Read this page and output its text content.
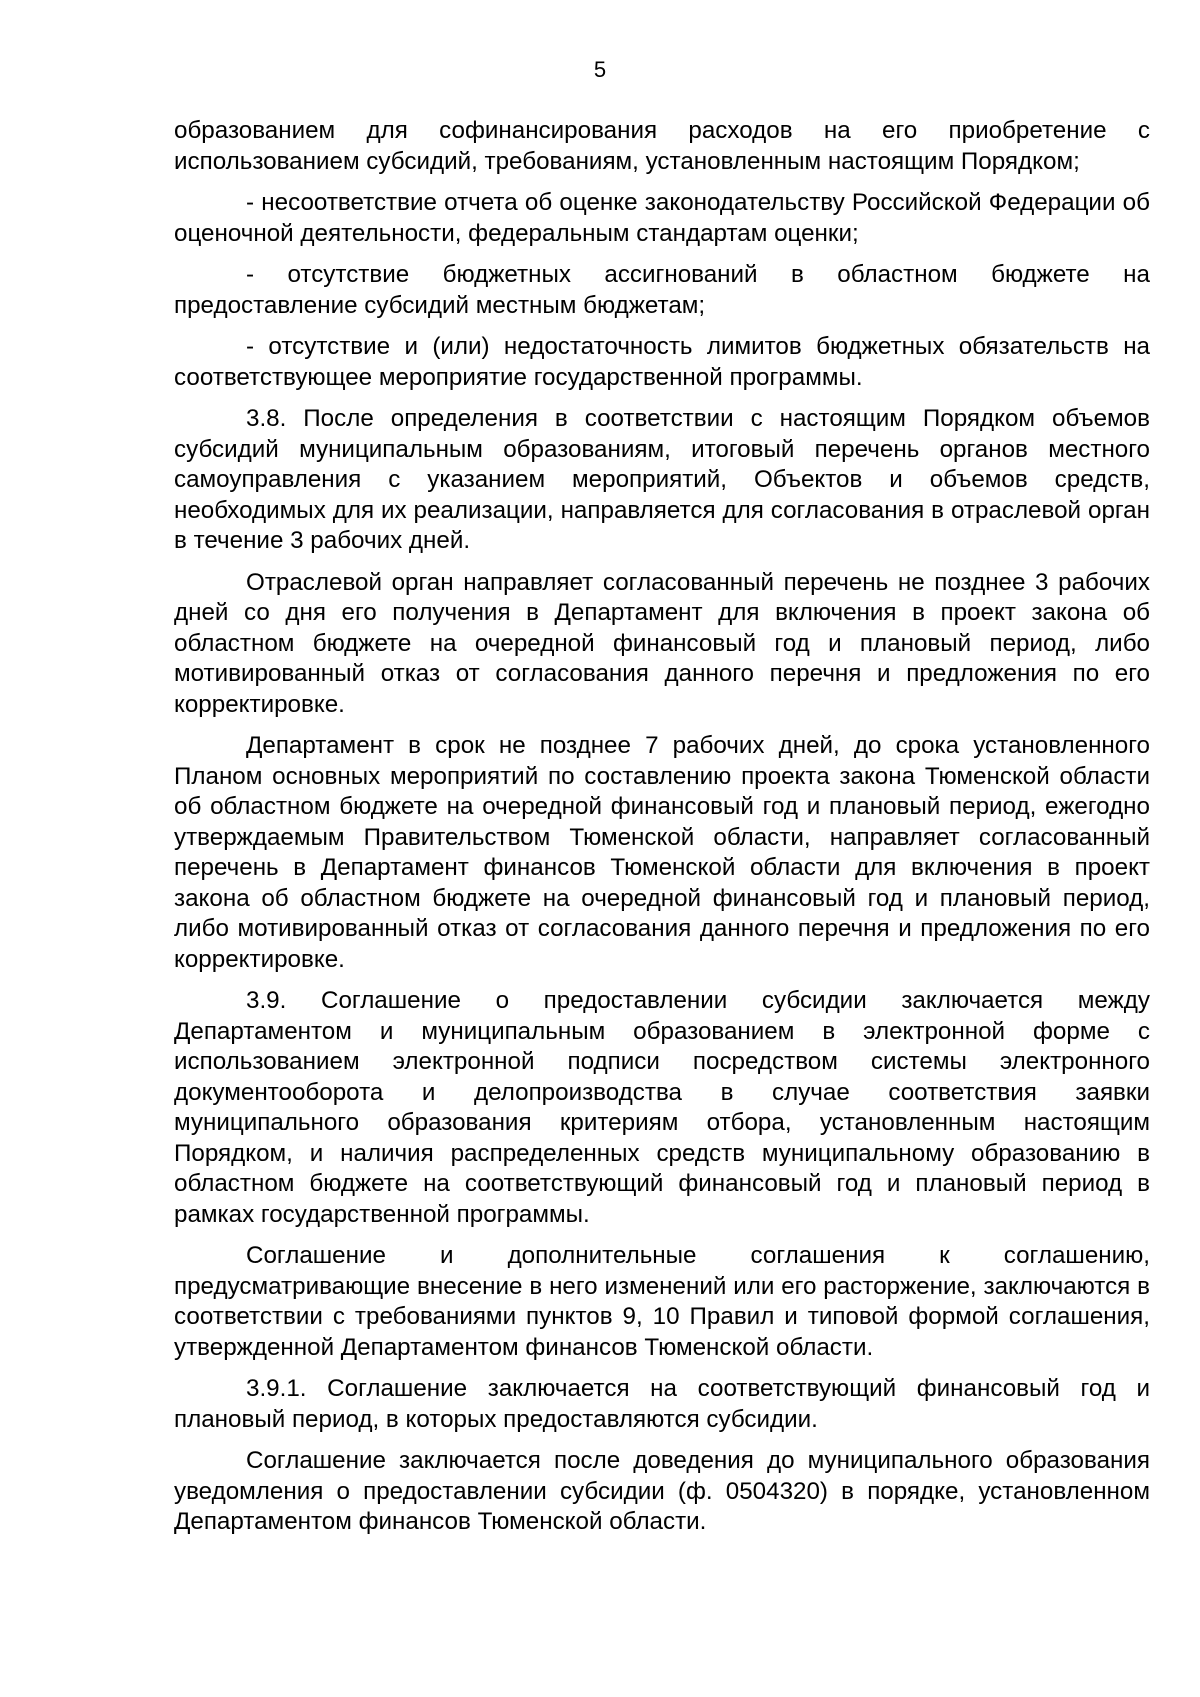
5

образованием для софинансирования расходов на его приобретение с использованием субсидий, требованиям, установленным настоящим Порядком;

- несоответствие отчета об оценке законодательству Российской Федерации об оценочной деятельности, федеральным стандартам оценки;

- отсутствие бюджетных ассигнований в областном бюджете на предоставление субсидий местным бюджетам;

- отсутствие и (или) недостаточность лимитов бюджетных обязательств на соответствующее мероприятие государственной программы.

3.8. После определения в соответствии с настоящим Порядком объемов субсидий муниципальным образованиям, итоговый перечень органов местного самоуправления с указанием мероприятий, Объектов и объемов средств, необходимых для их реализации, направляется для согласования в отраслевой орган в течение 3 рабочих дней.

Отраслевой орган направляет согласованный перечень не позднее 3 рабочих дней со дня его получения в Департамент для включения в проект закона об областном бюджете на очередной финансовый год и плановый период, либо мотивированный отказ от согласования данного перечня и предложения по его корректировке.

Департамент в срок не позднее 7 рабочих дней, до срока установленного Планом основных мероприятий по составлению проекта закона Тюменской области об областном бюджете на очередной финансовый год и плановый период, ежегодно утверждаемым Правительством Тюменской области, направляет согласованный перечень в Департамент финансов Тюменской области для включения в проект закона об областном бюджете на очередной финансовый год и плановый период, либо мотивированный отказ от согласования данного перечня и предложения по его корректировке.

3.9. Соглашение о предоставлении субсидии заключается между Департаментом и муниципальным образованием в электронной форме с использованием электронной подписи посредством системы электронного документооборота и делопроизводства в случае соответствия заявки муниципального образования критериям отбора, установленным настоящим Порядком, и наличия распределенных средств муниципальному образованию в областном бюджете на соответствующий финансовый год и плановый период в рамках государственной программы.

Соглашение и дополнительные соглашения к соглашению, предусматривающие внесение в него изменений или его расторжение, заключаются в соответствии с требованиями пунктов 9, 10 Правил и типовой формой соглашения, утвержденной Департаментом финансов Тюменской области.

3.9.1. Соглашение заключается на соответствующий финансовый год и плановый период, в которых предоставляются субсидии.

Соглашение заключается после доведения до муниципального образования уведомления о предоставлении субсидии (ф. 0504320) в порядке, установленном Департаментом финансов Тюменской области.
